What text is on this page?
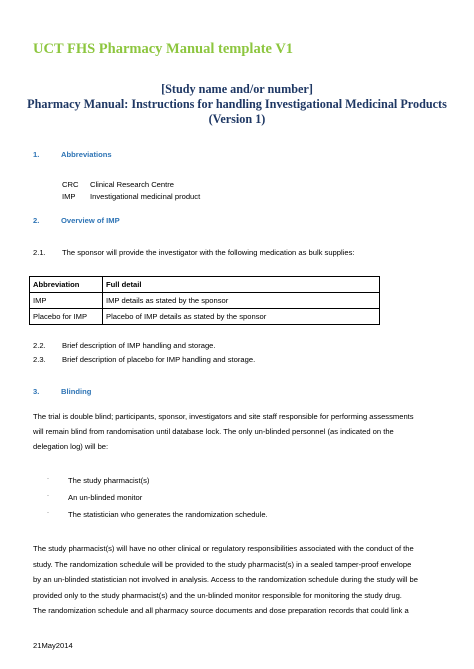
UCT FHS Pharmacy Manual template V1
[Study name and/or number]
Pharmacy Manual: Instructions for handling Investigational Medicinal Products
(Version 1)
1.	Abbreviations
CRC Clinical Research Centre
IMP Investigational medicinal product
2.	Overview of IMP
2.1. The sponsor will provide the investigator with the following medication as bulk supplies:
Abbreviation	Full detail
IMP	IMP details as stated by the sponsor
Placebo for IMP	Placebo of IMP details as stated by the sponsor
2.2. Brief description of IMP handling and storage.
2.3. Brief description of placebo for IMP handling and storage.
3.	Blinding
The trial is double blind; participants, sponsor, investigators and site staff responsible for performing assessments
will remain blind from randomisation until database lock. The only un-blinded personnel (as indicated on the
delegation log) will be:
·	The study pharmacist(s)
·	An un-blinded monitor
·	The statistician who generates the randomization schedule.
The study pharmacist(s) will have no other clinical or regulatory responsibilities associated with the conduct of the
study. The randomization schedule will be provided to the study pharmacist(s) in a sealed tamper-proof envelope
by an un-blinded statistician not involved in analysis. Access to the randomization schedule during the study will be
provided only to the study pharmacist(s) and the un-blinded monitor responsible for monitoring the study drug.
The randomization schedule and all pharmacy source documents and dose preparation records that could link a
21May2014
